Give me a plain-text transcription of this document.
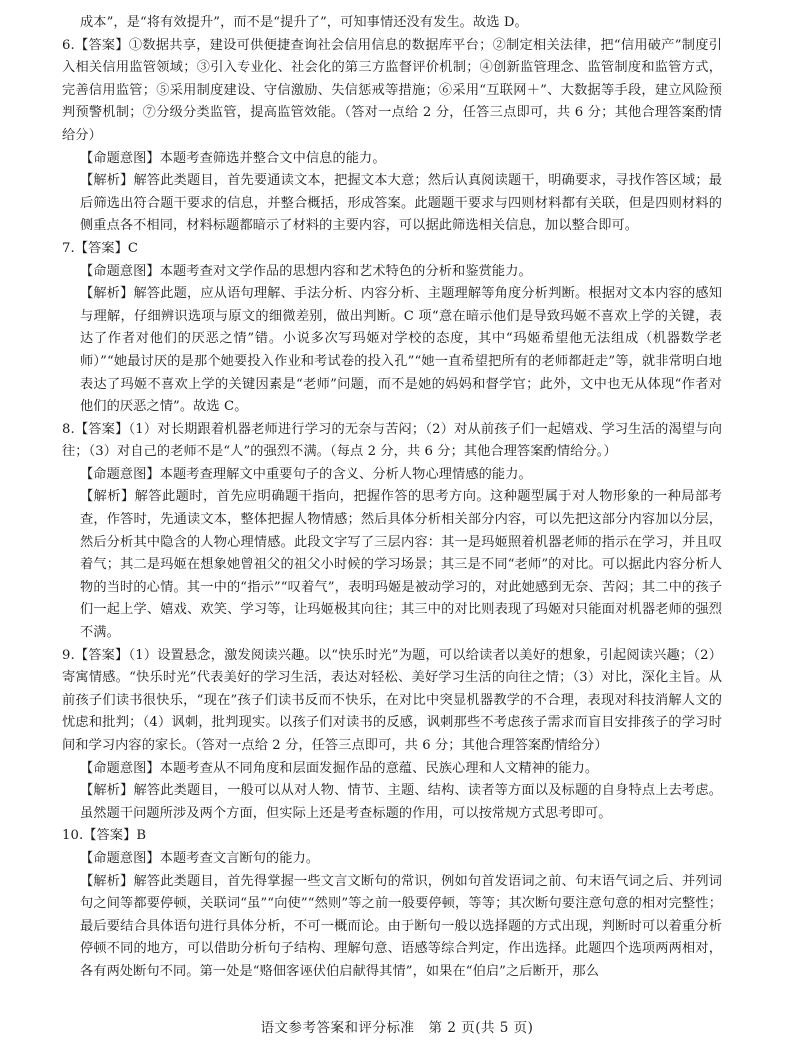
成本”，是“将有效提升”，而不是“提升了”，可知事情还没有发生。故选 D。

6.【答案】①数据共享，建设可供便捷查询社会信用信息的数据库平台；②制定相关法律，把“信用破产”制度引入相关信用监管领域；③引入专业化、社会化的第三方监督评价机制；④创新监管理念、监管制度和监管方式，完善信用监管；⑤采用制度建设、守信激励、失信惩戒等措施；⑥采用“互联网＋”、大数据等手段，建立风险预判预警机制；⑦分级分类监管，提高监管效能。（答对一点给 2 分，任答三点即可，共 6 分；其他合理答案酌情给分）

【命题意图】本题考查筛选并整合文中信息的能力。

【解析】解答此类题目，首先要通读文本，把握文本大意；然后认真阅读题干，明确要求，寻找作答区域；最后筛选出符合题干要求的信息，并整合概括，形成答案。此题题干要求与四则材料都有关联，但是四则材料的侧重点各不相同，材料标题都暗示了材料的主要内容，可以据此筛选相关信息，加以整合即可。

7.【答案】C

【命题意图】本题考查对文学作品的思想内容和艺术特色的分析和鉴赏能力。

【解析】解答此题，应从语句理解、手法分析、内容分析、主题理解等角度分析判断。根据对文本内容的感知与理解，仔细辨识选项与原文的细微差别，做出判断。C 项“意在暗示他们是导致玛姬不喜欢上学的关键，表达了作者对他们的厌恶之情”错。小说多次写玛姬对学校的态度，其中“玛姬希望他无法组成（机器数学老师）”“她最讨厌的是那个她要投入作业和考试卷的投入孔”“她一直希望把所有的老师都赶走”等，就非常明白地表达了玛姬不喜欢上学的关键因素是“老师”问题，而不是她的妈妈和督学官；此外，文中也无从体现“作者对他们的厌恶之情”。故选 C。

8.【答案】（1）对长期跟着机器老师进行学习的无奈与苦闷；（2）对从前孩子们一起嬉戏、学习生活的渴望与向往；（3）对自己的老师不是“人”的强烈不满。（每点 2 分，共 6 分；其他合理答案酌情给分。）

【命题意图】本题考查理解文中重要句子的含义、分析人物心理情感的能力。

【解析】解答此题时，首先应明确题干指向，把握作答的思考方向。这种题型属于对人物形象的一种局部考查，作答时，先通读文本，整体把握人物情感；然后具体分析相关部分内容，可以先把这部分内容加以分层，然后分析其中隐含的人物心理情感。此段文字写了三层内容：其一是玛姬照着机器老师的指示在学习，并且叹着气；其二是玛姬在想象她曾祖父的祖父小时候的学习场景；其三是不同“老师”的对比。可以据此内容分析人物的当时的心情。其一中的“指示”“叹着气”，表明玛姬是被动学习的，对此她感到无奈、苦闷；其二中的孩子们一起上学、嬉戏、欢笑、学习等，让玛姬极其向往；其三中的对比则表现了玛姬对只能面对机器老师的强烈不满。

9.【答案】（1）设置悬念，激发阅读兴趣。以“快乐时光”为题，可以给读者以美好的想象，引起阅读兴趣；（2）寄寓情感。“快乐时光”代表美好的学习生活，表达对轻松、美好学习生活的向往之情；（3）对比，深化主旨。从前孩子们读书很快乐，“现在”孩子们读书反而不快乐，在对比中突显机器教学的不合理，表现对科技消解人文的忧虑和批判；（4）讽刺，批判现实。以孩子们对读书的反感，讽刺那些不考虑孩子需求而盲目安排孩子的学习时间和学习内容的家长。（答对一点给 2 分，任答三点即可，共 6 分；其他合理答案酌情给分）

【命题意图】本题考查从不同角度和层面发掘作品的意蕴、民族心理和人文精神的能力。

【解析】解答此类题目，一般可以从对人物、情节、主题、结构、读者等方面以及标题的自身特点上去考虑。虽然题干问题所涉及两个方面，但实际上还是考查标题的作用，可以按常规方式思考即可。

10.【答案】B

【命题意图】本题考查文言断句的能力。

【解析】解答此类题目，首先得掌握一些文言文断句的常识，例如句首发语词之前、句末语气词之后、并列词句之间等都要停顿，关联词“虽”“向使”“然则”等之前一般要停顿，等等；其次断句要注意句意的相对完整性；最后要结合具体语句进行具体分析，不可一概而论。由于断句一般以选择题的方式出现，判断时可以着重分析停顿不同的地方，可以借助分析句子结构、理解句意、语感等综合判定，作出选择。此题四个选项两两相对，各有两处断句不同。第一处是“赂佃客诬伏伯启献得其情”，如果在“伯启”之后断开，那么

语文参考答案和评分标准　第 2 页(共 5 页)
